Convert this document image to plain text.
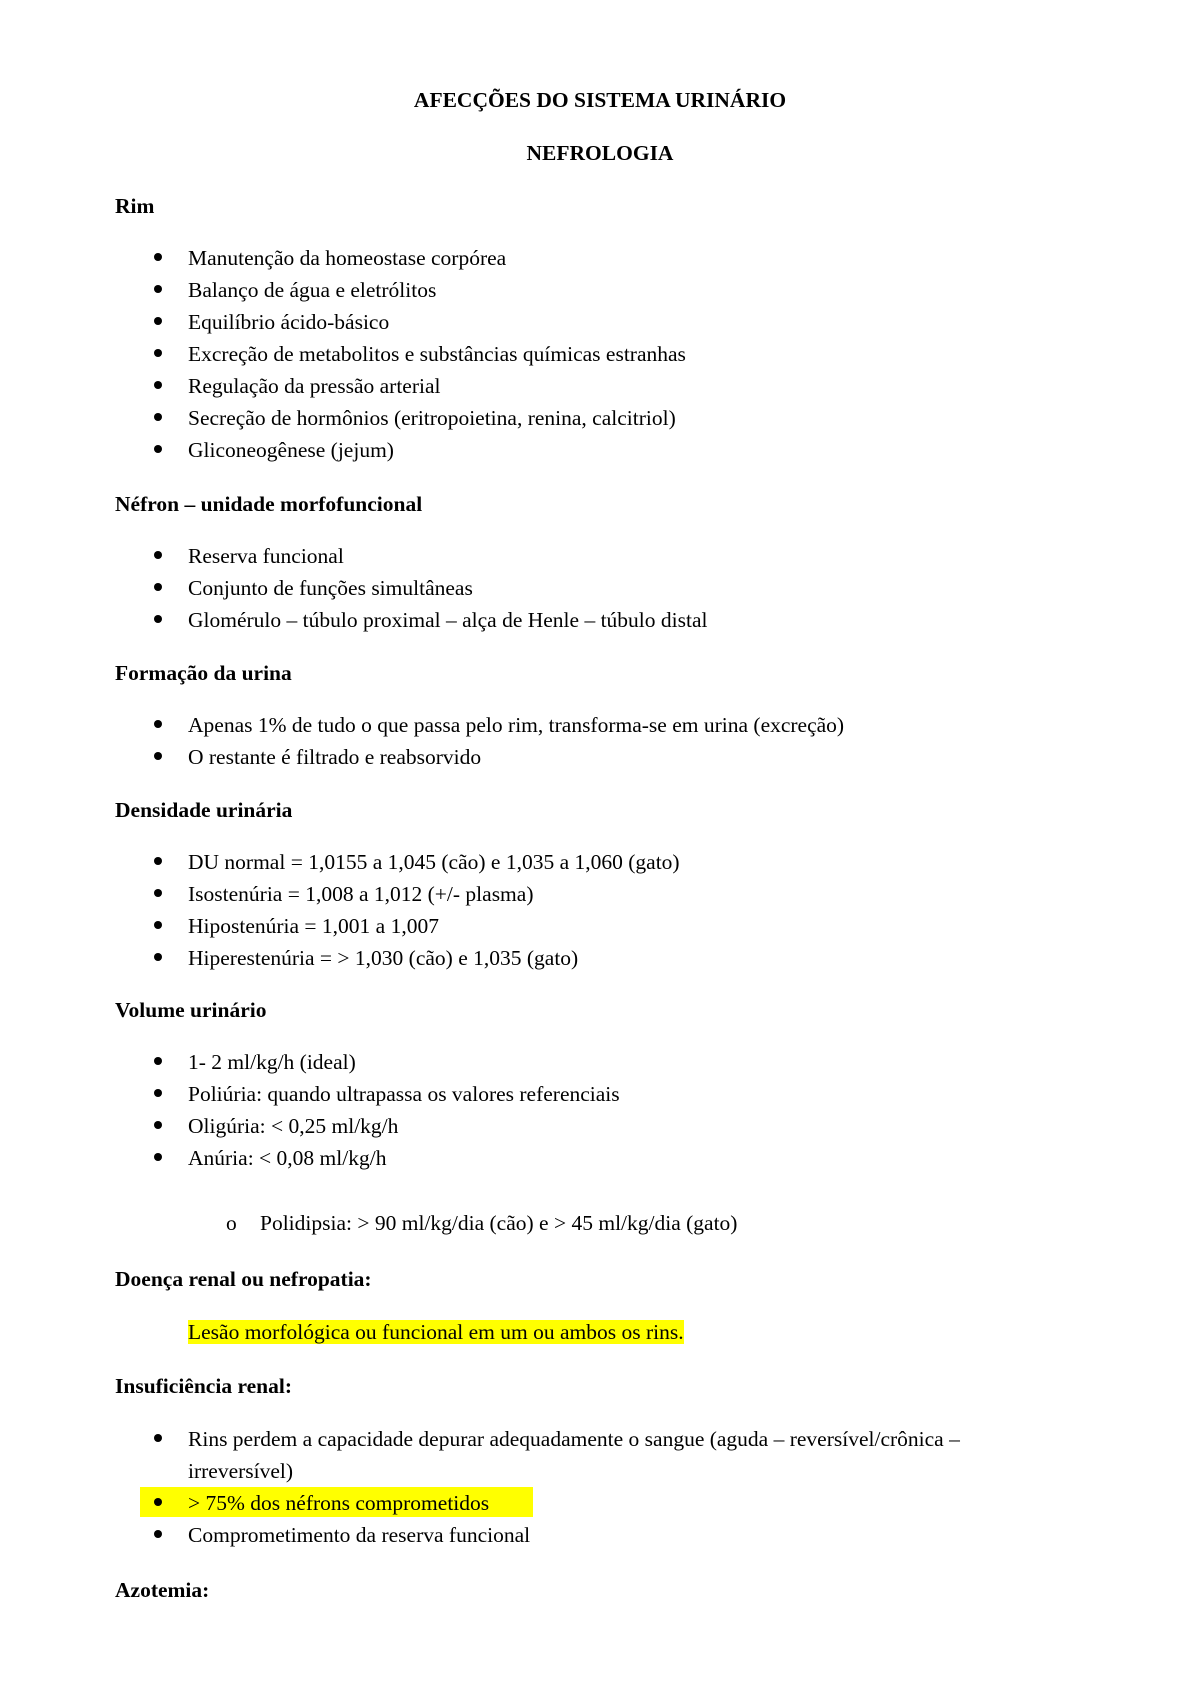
AFECÇÕES DO SISTEMA URINÁRIO
NEFROLOGIA
Rim
Manutenção da homeostase corpórea
Balanço de água e eletrólitos
Equilíbrio ácido-básico
Excreção de metabolitos e substâncias químicas estranhas
Regulação da pressão arterial
Secreção de hormônios (eritropoietina, renina, calcitriol)
Gliconeogênese (jejum)
Néfron – unidade morfofuncional
Reserva funcional
Conjunto de funções simultâneas
Glomérulo – túbulo proximal – alça de Henle – túbulo distal
Formação da urina
Apenas 1% de tudo o que passa pelo rim, transforma-se em urina (excreção)
O restante é filtrado e reabsorvido
Densidade urinária
DU normal = 1,0155 a 1,045 (cão) e 1,035 a 1,060 (gato)
Isostenúria = 1,008 a 1,012 (+/- plasma)
Hipostenúria = 1,001 a 1,007
Hiperestenúria = > 1,030 (cão) e 1,035 (gato)
Volume urinário
1- 2 ml/kg/h (ideal)
Poliúria: quando ultrapassa os valores referenciais
Oligúria: < 0,25 ml/kg/h
Anúria: < 0,08 ml/kg/h
o Polidipsia: > 90 ml/kg/dia (cão) e > 45 ml/kg/dia (gato)
Doença renal ou nefropatia:
Lesão morfológica ou funcional em um ou ambos os rins.
Insuficiência renal:
Rins perdem a capacidade depurar adequadamente o sangue (aguda – reversível/crônica –
irreversível)
> 75% dos néfrons comprometidos
Comprometimento da reserva funcional
Azotemia:
